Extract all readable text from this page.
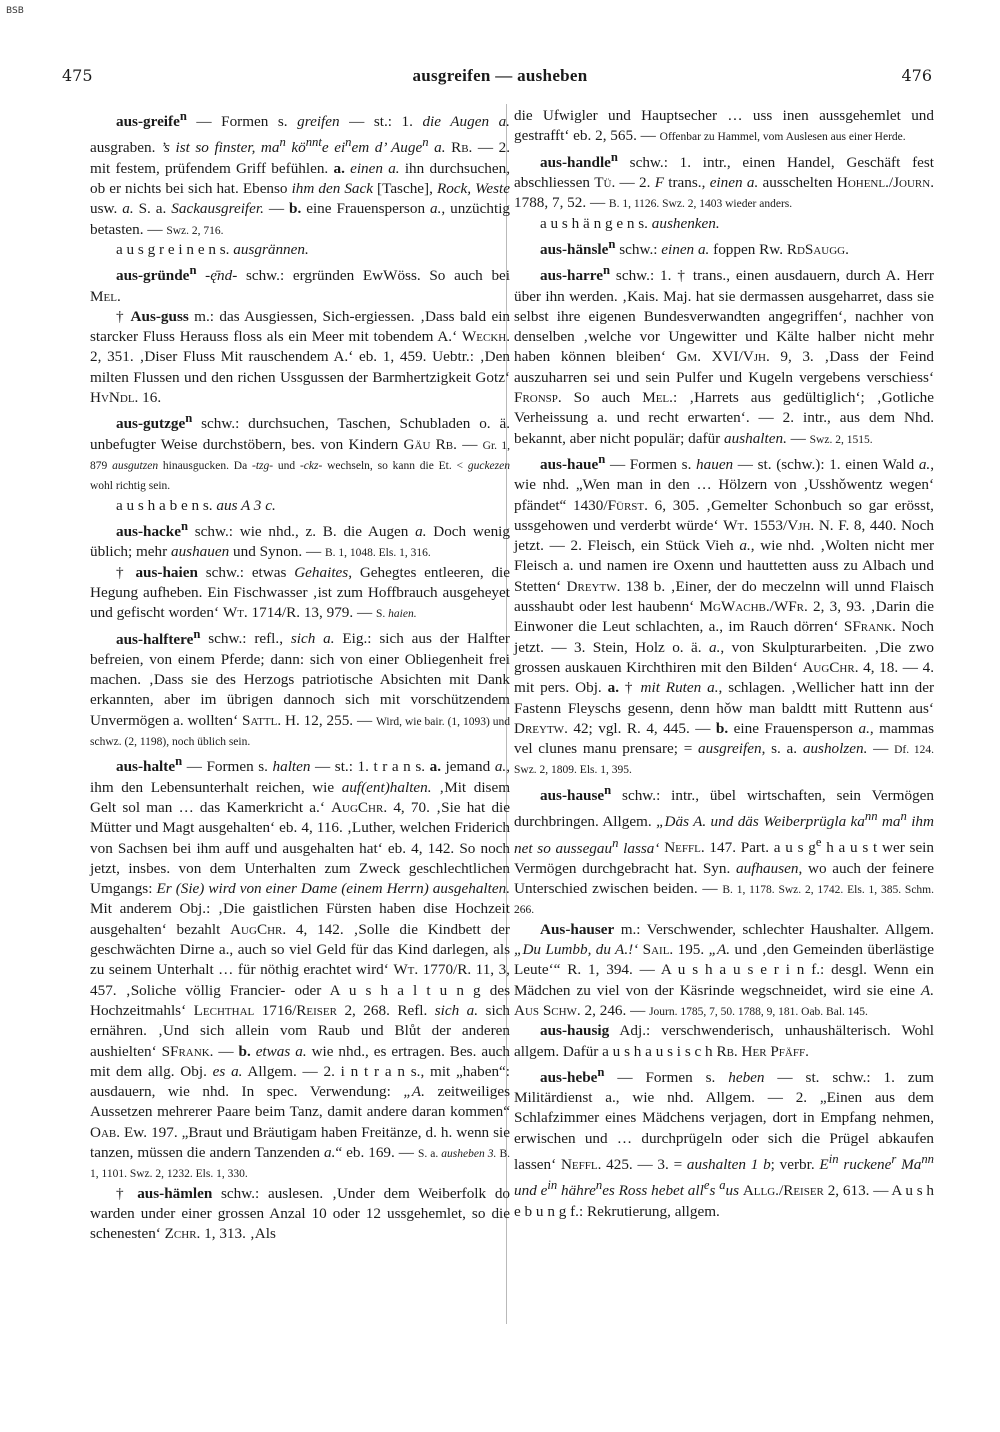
BSB
475	ausgreifen — ausheben	476

aus-greife$^n$ — Formen s. greifen — st.: 1. die Augen a. ausgraben. ’s ist so finster, $ma^n$ $kö^{nnt}e$ $ei^nem$ d’ Auge$^n$ a. Rb. — 2. mit festem, prüfendem Griff befühlen. a. einen a. ihn durchsuchen, ob er nichts bei sich hat. Ebenso ihm den Sack [Tasche], Rock, Weste usw. a. S. a. Sackausgreifer. — b. eine Frauensperson a., unzüchtig betasten. — Swz. 2, 716.

a u s g r e i n e n s. ausgrännen.

aus-gründe$^n$ -ę̄nd- schw.: ergründen EwWöss. So auch bei Mel.

† Aus-guss m.: das Ausgiessen, Sich-ergiessen. ‚Dass bald ein starcker Fluss Herauss floss als ein Meer mit tobendem A.‘ Weckh. 2, 351. ‚Diser Fluss Mit rauschendem A.‘ eb. 1, 459. Uebtr.: ‚Den milten Flussen und den richen Ussgussen der Barmhertzigkeit Gotz‘ HvNdl. 16.

aus-gutzge$^n$ schw.: durchsuchen, Taschen, Schubladen o. ä. unbefugter Weise durchstöbern, bes. von Kindern Gäu Rb. — Gr. 1, 879 ausgutzen hinausgucken. Da -tzg- und -ckz- wechseln, so kann die Et. < guckezen wohl richtig sein.

a u s h a b e n s. aus A 3 c.

aus-hacke$^n$ schw.: wie nhd., z. B. die Augen a. Doch wenig üblich; mehr aushauen und Synon. — B. 1, 1048. Els. 1, 316.

† aus-haien schw.: etwas Gehaites, Gehegtes entleeren, die Hegung aufheben. Ein Fischwasser ‚ist zum Hoffbrauch ausgeheyet und gefischt worden‘ Wt. 1714/R. 13, 979. — S. haien.

aus-halftere$^n$ schw.: refl., sich a. Eig.: sich aus der Halfter befreien, von einem Pferde; dann: sich von einer Obliegenheit frei machen. ‚Dass sie des Herzogs patriotische Absichten mit Dank erkannten, aber im übrigen dannoch sich mit vorschützendem Unvermögen a. wollten‘ Sattl. H. 12, 255. — Wird, wie bair. (1, 1093) und schwz. (2, 1198), noch üblich sein.

aus-halte$^n$ — Formen s. halten — st.: 1. t r a n s. a. jemand a., ihm den Lebensunterhalt reichen, wie auf(ent)halten. ‚Mit disem Gelt sol man … das Kamerkricht a.‘ AugChr. 4, 70. ‚Sie hat die Mütter und Magt ausgehalten‘ eb. 4, 116. ‚Luther, welchen Friderich von Sachsen bei ihm auff und ausgehalten hat‘ eb. 4, 142. So noch jetzt, insbes. von dem Unterhalten zum Zweck geschlechtlichen Umgangs: Er (Sie) wird von einer Dame (einem Herrn) ausgehalten. Mit anderem Obj.: ‚Die gaistlichen Fürsten haben dise Hochzeit ausgehalten‘ bezahlt AugChr. 4, 142. ‚Solle die Kindbett der geschwächten Dirne a., auch so viel Geld für das Kind darlegen, als zu seinem Unterhalt … für nöthig erachtet wird‘ Wt. 1770/R. 11, 3, 457. ‚Soliche völlig Francier- oder A u s h a l t u n g des Hochzeitmahls‘ Lechthal 1716/Reiser 2, 268. Refl. sich a. sich ernähren. ‚Und sich allein vom Raub und Blůt der anderen aushielten‘ SFrank. — b. etwas a. wie nhd., es ertragen. Bes. auch mit dem allg. Obj. es a. Allgem. — 2. i n t r a n s., mit „haben“: ausdauern, wie nhd. In spec. Verwendung: „A. zeitweiliges Aussetzen mehrerer Paare beim Tanz, damit andere daran kommen“ Oab. Ew. 197. „Braut und Bräutigam haben Freitänze, d. h. wenn sie tanzen, müssen die andern Tanzenden a.“ eb. 169. — S. a. ausheben 3. B. 1, 1101. Swz. 2, 1232. Els. 1, 330.

† aus-hämlen schw.: auslesen. ‚Under dem Weiberfolk do warden under einer grossen Anzal 10 oder 12 ussgehemlet, so die schenesten‘ Zchr. 1, 313. ‚Als

die Ufwigler und Hauptsecher … uss inen aussgehemlet und gestrafft‘ eb. 2, 565. — Offenbar zu Hammel, vom Auslesen aus einer Herde.

aus-handle$^n$ schw.: 1. intr., einen Handel, Geschäft fest abschliessen Tü. — 2. F trans., einen a. ausschelten Hohenl./Journ. 1788, 7, 52. — B. 1, 1126. Swz. 2, 1403 wieder anders.

a u s h ä n g e n s. aushenken.

aus-hänsle$^n$ schw.: einen a. foppen Rw. RdSaugg.

aus-harre$^n$ schw.: 1. † trans., einen ausdauern, durch A. Herr über ihn werden. ‚Kais. Maj. hat sie dermassen ausgeharret, dass sie selbst ihre eigenen Bundesverwandten angegriffen‘, nachher von denselben ‚welche vor Ungewitter und Kälte halber nicht mehr haben können bleiben‘ Gm. XVI/Vjh. 9, 3. ‚Dass der Feind auszuharren sei und sein Pulfer und Kugeln vergebens verschiess‘ Fronsp. So auch Mel.: ‚Harrets aus gedültiglich‘; ‚Gotliche Verheissung a. und recht erwarten‘. — 2. intr., aus dem Nhd. bekannt, aber nicht populär; dafür aushalten. — Swz. 2, 1515.

aus-haue$^n$ — Formen s. hauen — st. (schw.): 1. einen Wald a., wie nhd. „Wen man in den … Hölzern von ‚Usshǒwentz wegen‘ pfändet“ 1430/Fürst. 6, 305. ‚Gemelter Schonbuch so gar erösst, ussgehowen und verderbt würde‘ Wt. 1553/Vjh. N. F. 8, 440. Noch jetzt. — 2. Fleisch, ein Stück Vieh a., wie nhd. ‚Wolten nicht mer Fleisch a. und namen ire Oxenn und hauttetten auss zu Albach und Stetten‘ Dreytw. 138 b. ‚Einer, der do meczelnn will unnd Flaisch ausshaubt oder lest haubenn‘ MgWachb./WFr. 2, 3, 93. ‚Darin die Einwoner die Leut schlachten, a., im Rauch dörren‘ SFrank. Noch jetzt. — 3. Stein, Holz o. ä. a., von Skulpturarbeiten. ‚Die zwo grossen auskauen Kirchthiren mit den Bilden‘ AugChr. 4, 18. — 4. mit pers. Obj. a. † mit Ruten a., schlagen. ‚Wellicher hatt inn der Fastenn Fleyschs gesenn, denn hǒw man baldtt mitt Ruttenn aus‘ Dreytw. 42; vgl. R. 4, 445. — b. eine Frauensperson a., mammas vel clunes manu prensare; = ausgreifen, s. a. ausholzen. — Df. 124. Swz. 2, 1809. Els. 1, 395.

aus-hause$^n$ schw.: intr., übel wirtschaften, sein Vermögen durchbringen. Allgem. „Däs A. und däs Weiberprügla $ka^{nn}$ $ma^n$ ihm net so aussegau$^n$ lassa‘ Neffl. 147. Part. a u s $g^e$ h a u s t wer sein Vermögen durchgebracht hat. Syn. aufhausen, wo auch der feinere Unterschied zwischen beiden. — B. 1, 1178. Swz. 2, 1742. Els. 1, 385. Schm. 266.

Aus-hauser m.: Verschwender, schlechter Haushalter. Allgem. „Du Lumbb, du A.!‘ Sail. 195. „A. und ‚den Gemeinden überlästige Leute‘“ R. 1, 394. — A u s h a u s e r i n f.: desgl. Wenn ein Mädchen zu viel von der Käsrinde wegschneidet, wird sie eine A. Aus Schw. 2, 246. — Journ. 1785, 7, 50. 1788, 9, 181. Oab. Bal. 145.

aus-hausig Adj.: verschwenderisch, unhaushälterisch. Wohl allgem. Dafür a u s h a u s i s c h Rb. Her Pfäff.

aus-hebe$^n$ — Formen s. heben — st. schw.: 1. zum Militärdienst a., wie nhd. Allgem. — 2. „Einen aus dem Schlafzimmer eines Mädchens verjagen, dort in Empfang nehmen, erwischen und … durchprügeln oder sich die Prügel abkaufen lassen‘ Neffl. 425. — 3. = aushalten 1 b; verbr. $E^{in}$ ruckene$^r$ $Ma^{nn}$ und $e^{in}$ hähre$^n$es Ross hebet all$^e$s $^a$us Allg./Reiser 2, 613. — A u s h e b u n g f.: Rekrutierung, allgem.
